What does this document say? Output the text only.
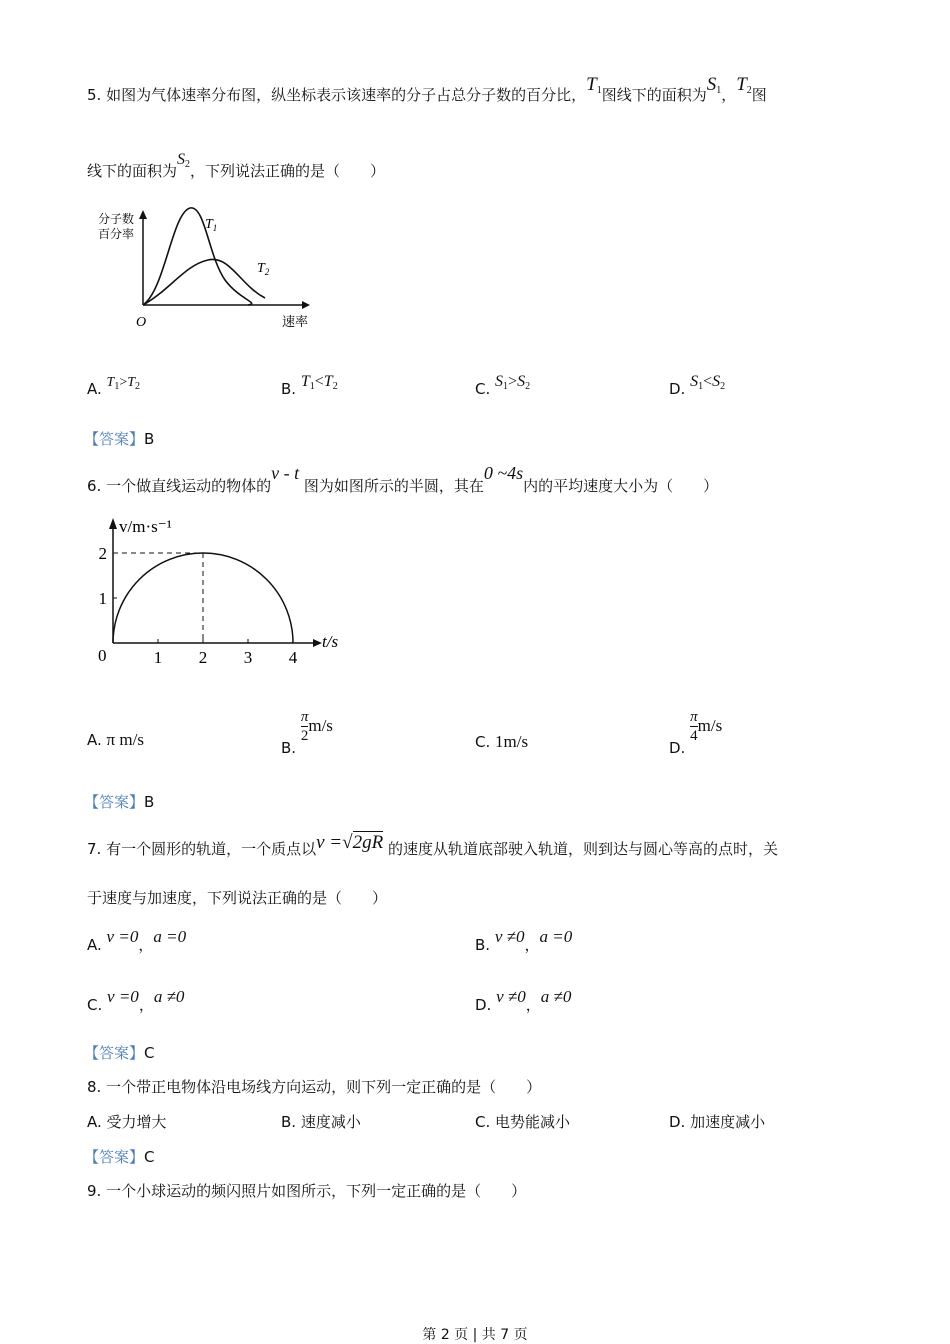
5. 如图为气体速率分布图，纵坐标表示该速率的分子占总分子数的百分比，$T_1$图线下的面积为$S_1$，$T_2$图
线下的面积为$S_2$，下列说法正确的是（　　）
分子数
百分率
O	速率
$T_1$
$T_2$
A. $T_1>T_2$	B. $T_1<T_2$	C. $S_1>S_2$	D. $S_1<S_2$
【答案】B
6. 一个做直线运动的物体的v - t 图为如图所示的半圆，其在0 ~4s内的平均速度大小为（　　）
v/m·s⁻¹
t/s
0	1 2 3 4
1
2
A. π m/s	B.
$\frac{\pi}{2} m/s$
C. 1m/s	D.
$\frac{\pi}{4} m/s$
【答案】B
7. 有一个圆形的轨道，一个质点以v =√2gR 的速度从轨道底部驶入轨道，则到达与圆心等高的点时，关
于速度与加速度，下列说法正确的是（　　）
A. v =0，a =0	B. v ≠0，a =0
C. v =0，a ≠0	D. v ≠0，a ≠0
【答案】C
8. 一个带正电物体沿电场线方向运动，则下列一定正确的是（　　）
A. 受力增大	B. 速度减小	C. 电势能减小	D. 加速度减小
【答案】C
9. 一个小球运动的频闪照片如图所示，下列一定正确的是（　　）
第 2 页 | 共 7 页
